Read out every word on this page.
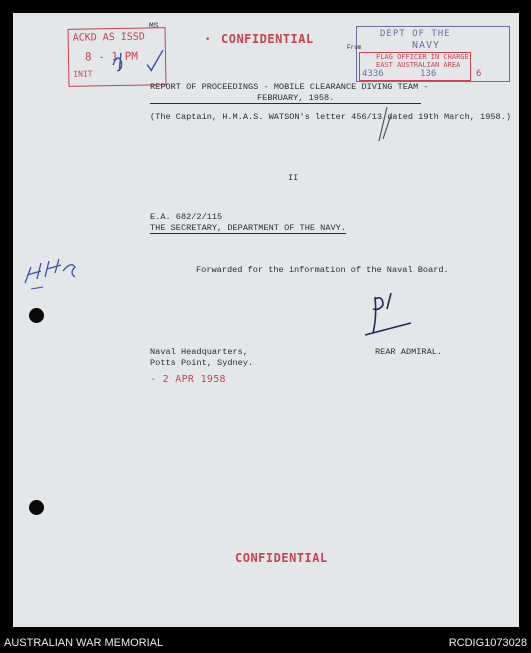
MS
ACKD AS ISSD
8 - 1 PM
INIT
CONFIDENTIAL
•
DEPT OF THE
NAVY
FLAG OFFICER IN CHARGE
EAST AUSTRALIAN AREA
4336	136	6
From
REPORT OF PROCEEDINGS - MOBILE CLEARANCE DIVING TEAM -
FEBRUARY, 1958.
(The Captain, H.M.A.S. WATSON's letter 456/13 dated 19th March, 1958.)
II
E.A. 682/2/115
THE SECRETARY, DEPARTMENT OF THE NAVY.
Forwarded for the information of the Naval Board.
Naval Headquarters,
Potts Point, Sydney.
REAR ADMIRAL.
- 2 APR 1958
CONFIDENTIAL
AUSTRALIAN WAR MEMORIAL	RCDIG1073028
